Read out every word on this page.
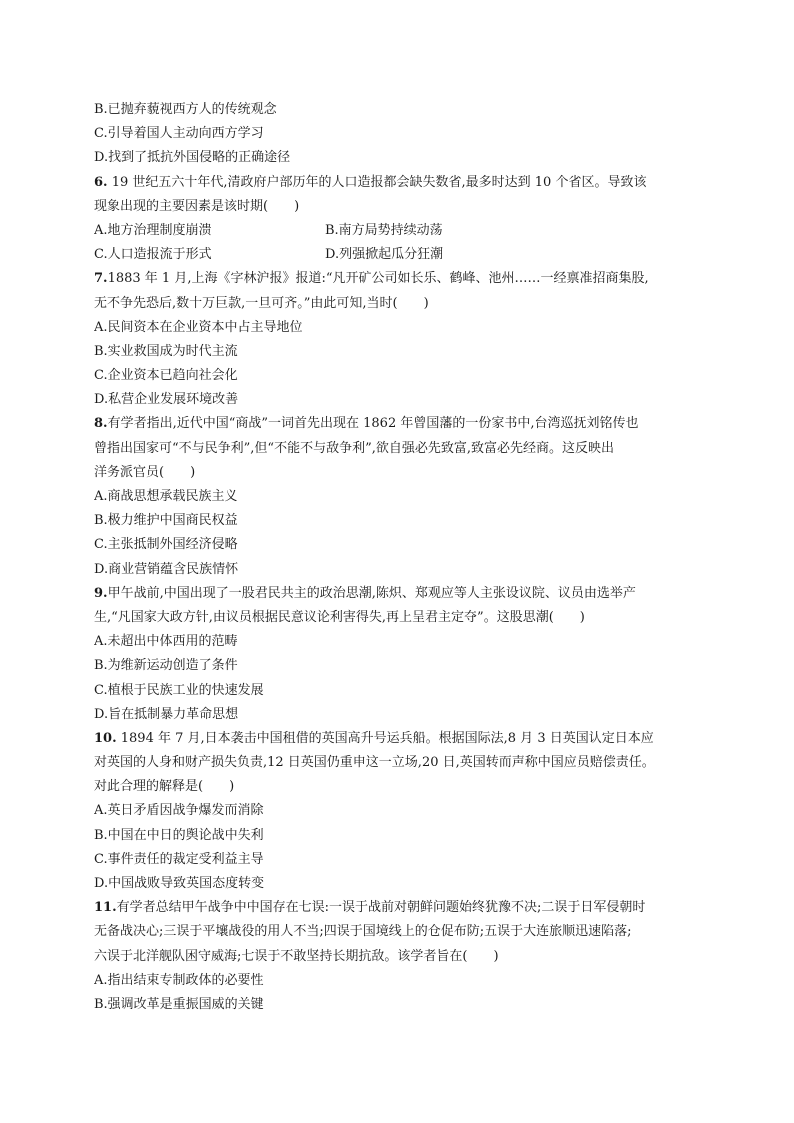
B.已抛弃藐视西方人的传统观念
C.引导着国人主动向西方学习
D.找到了抵抗外国侵略的正确途径
6. 19 世纪五六十年代,清政府户部历年的人口造报都会缺失数省,最多时达到 10 个省区。导致该
现象出现的主要因素是该时期(　　)
A.地方治理制度崩溃	B.南方局势持续动荡
C.人口造报流于形式	D.列强掀起瓜分狂潮
7.1883 年 1 月,上海《字林沪报》报道:“凡开矿公司如长乐、鹤峰、池州……一经禀准招商集股,
无不争先恐后,数十万巨款,一旦可齐。”由此可知,当时(　　)
A.民间资本在企业资本中占主导地位
B.实业救国成为时代主流
C.企业资本已趋向社会化
D.私营企业发展环境改善
8.有学者指出,近代中国“商战”一词首先出现在 1862 年曾国藩的一份家书中,台湾巡抚刘铭传也
曾指出国家可“不与民争利”,但“不能不与敌争利”,欲自强必先致富,致富必先经商。这反映出
洋务派官员(　　)
A.商战思想承载民族主义
B.极力维护中国商民权益
C.主张抵制外国经济侵略
D.商业营销蕴含民族情怀
9.甲午战前,中国出现了一股君民共主的政治思潮,陈炽、郑观应等人主张设议院、议员由选举产
生,“凡国家大政方针,由议员根据民意议论利害得失,再上呈君主定夺”。这股思潮(　　)
A.未超出中体西用的范畴
B.为维新运动创造了条件
C.植根于民族工业的快速发展
D.旨在抵制暴力革命思想
10. 1894 年 7 月,日本袭击中国租借的英国高升号运兵船。根据国际法,8 月 3 日英国认定日本应
对英国的人身和财产损失负责,12 日英国仍重申这一立场,20 日,英国转而声称中国应员赔偿责任。
对此合理的解释是(　　)
A.英日矛盾因战争爆发而消除
B.中国在中日的舆论战中失利
C.事件责任的裁定受利益主导
D.中国战败导致英国态度转变
11.有学者总结甲午战争中中国存在七误:一误于战前对朝鲜问题始终犹豫不决;二误于日军侵朝时
无备战决心;三误于平壤战役的用人不当;四误于国境线上的仓促布防;五误于大连旅顺迅速陷落;
六误于北洋舰队困守威海;七误于不敢坚持长期抗敌。该学者旨在(　　)
A.指出结束专制政体的必要性
B.强调改革是重振国威的关键
